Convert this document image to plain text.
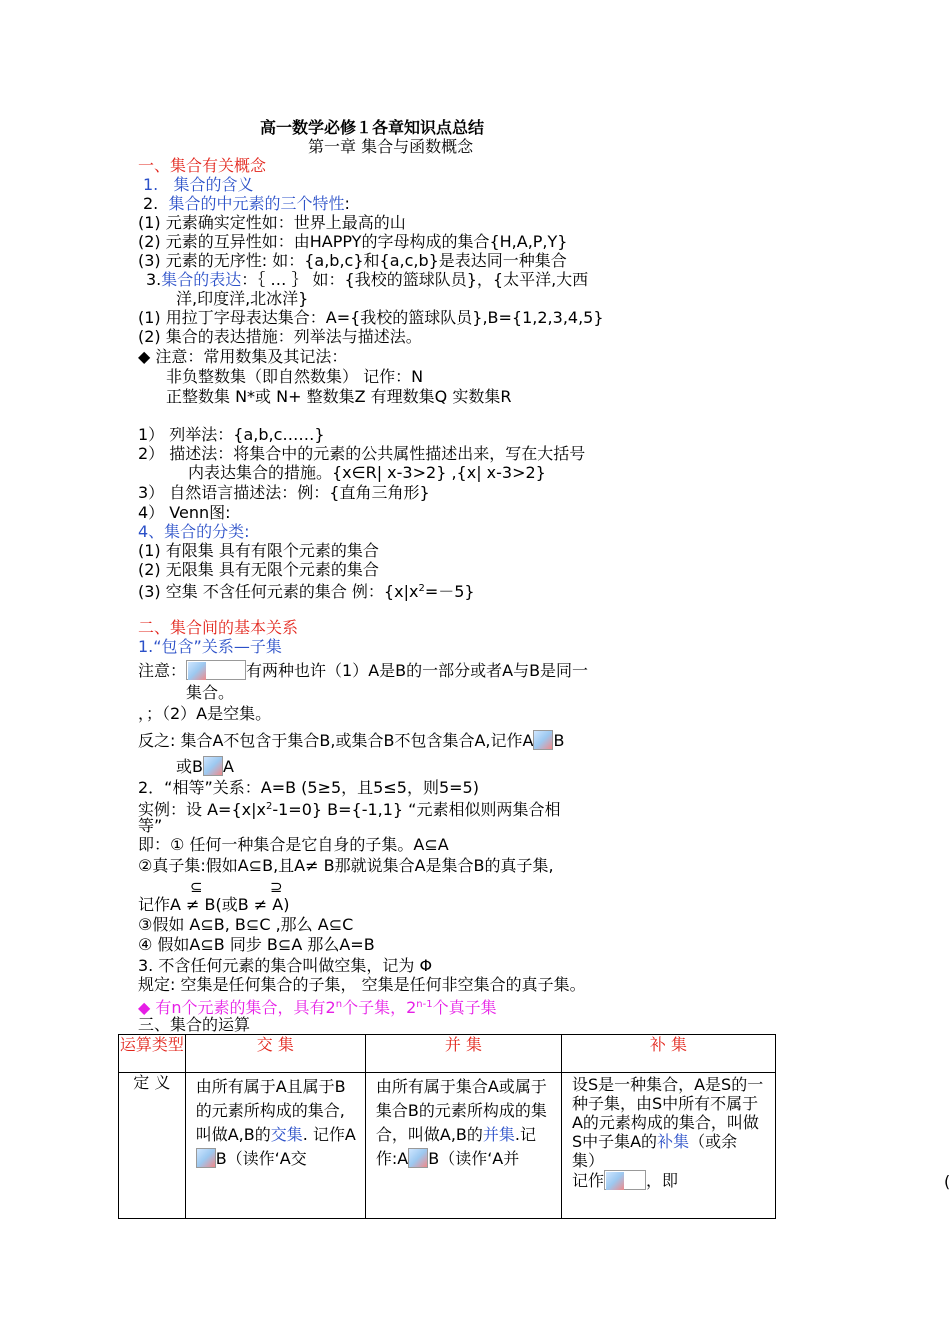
高一数学必修１各章知识点总结
第一章 集合与函数概念
一、集合有关概念
1. 集合的含义
2. 集合的中元素的三个特性:
(1) 元素确实定性如：世界上最高的山
(2) 元素的互异性如：由HAPPY的字母构成的集合{H,A,P,Y}
(3) 元素的无序性: 如：{a,b,c}和{a,c,b}是表达同一种集合
3.集合的表达：｛ … ｝ 如：{我校的篮球队员}，{太平洋,大西
洋,印度洋,北冰洋}
(1) 用拉丁字母表达集合：A={我校的篮球队员},B={1,2,3,4,5}
(2) 集合的表达措施：列举法与描述法。
◆ 注意：常用数集及其记法：
非负整数集（即自然数集） 记作：N
正整数集 N*或 N+ 整数集Z 有理数集Q 实数集R
1） 列举法：{a,b,c……}
2） 描述法：将集合中的元素的公共属性描述出来，写在大括号
内表达集合的措施。{x∈R| x-3>2} ,{x| x-3>2}
3） 自然语言描述法：例：{直角三角形}
4） Venn图:
4、集合的分类:
(1) 有限集 具有有限个元素的集合
(2) 无限集 具有无限个元素的集合
(3) 空集 不含任何元素的集合 例：$\{x|x^2=-5\}$
二、集合间的基本关系
1.“包含”关系—子集
注意：	有两种也许（1）A是B的一部分或者A与B是同一
集合。
，；（2）A是空集。
反之: 集合A不包含于集合B,或集合B不包含集合A,记作A B
或B A
2．“相等”关系：A=B (5≥5，且5≤5，则5=5)
实例：设 $A=\{x|x^2-1=0\}$ B={-1,1} “元素相似则两集合相
等”
即：① 任何一种集合是它自身的子集。A⊆A
②真子集:假如A⊆B,且A≠ B那就说集合A是集合B的真子集,
⊆	⊇
记作A ≠ B(或B ≠ A)
③假如 A⊆B, B⊆C ,那么 A⊆C
④ 假如A⊆B 同步 B⊆A 那么A=B
3. 不含任何元素的集合叫做空集，记为 Φ
规定: 空集是任何集合的子集， 空集是任何非空集合的真子集。
◆ 有n个元素的集合，具有2$^n$个子集，2$^{n-1}$个真子集
三、集合的运算
运算类型	交 集	并 集	补 集
定 义	由所有属于A且属于B的元素所构成的集合,叫做A,B的交集. 记作AB（读作‘A交	由所有属于集合A或属于集合B的元素所构成的集合，叫做A,B的并集.记作:A B（读作‘A并	设S是一种集合，A是S的一种子集，由S中所有不属于A的元素构成的集合，叫做S中子集A的补集（或余集）
记作 ，即	(
